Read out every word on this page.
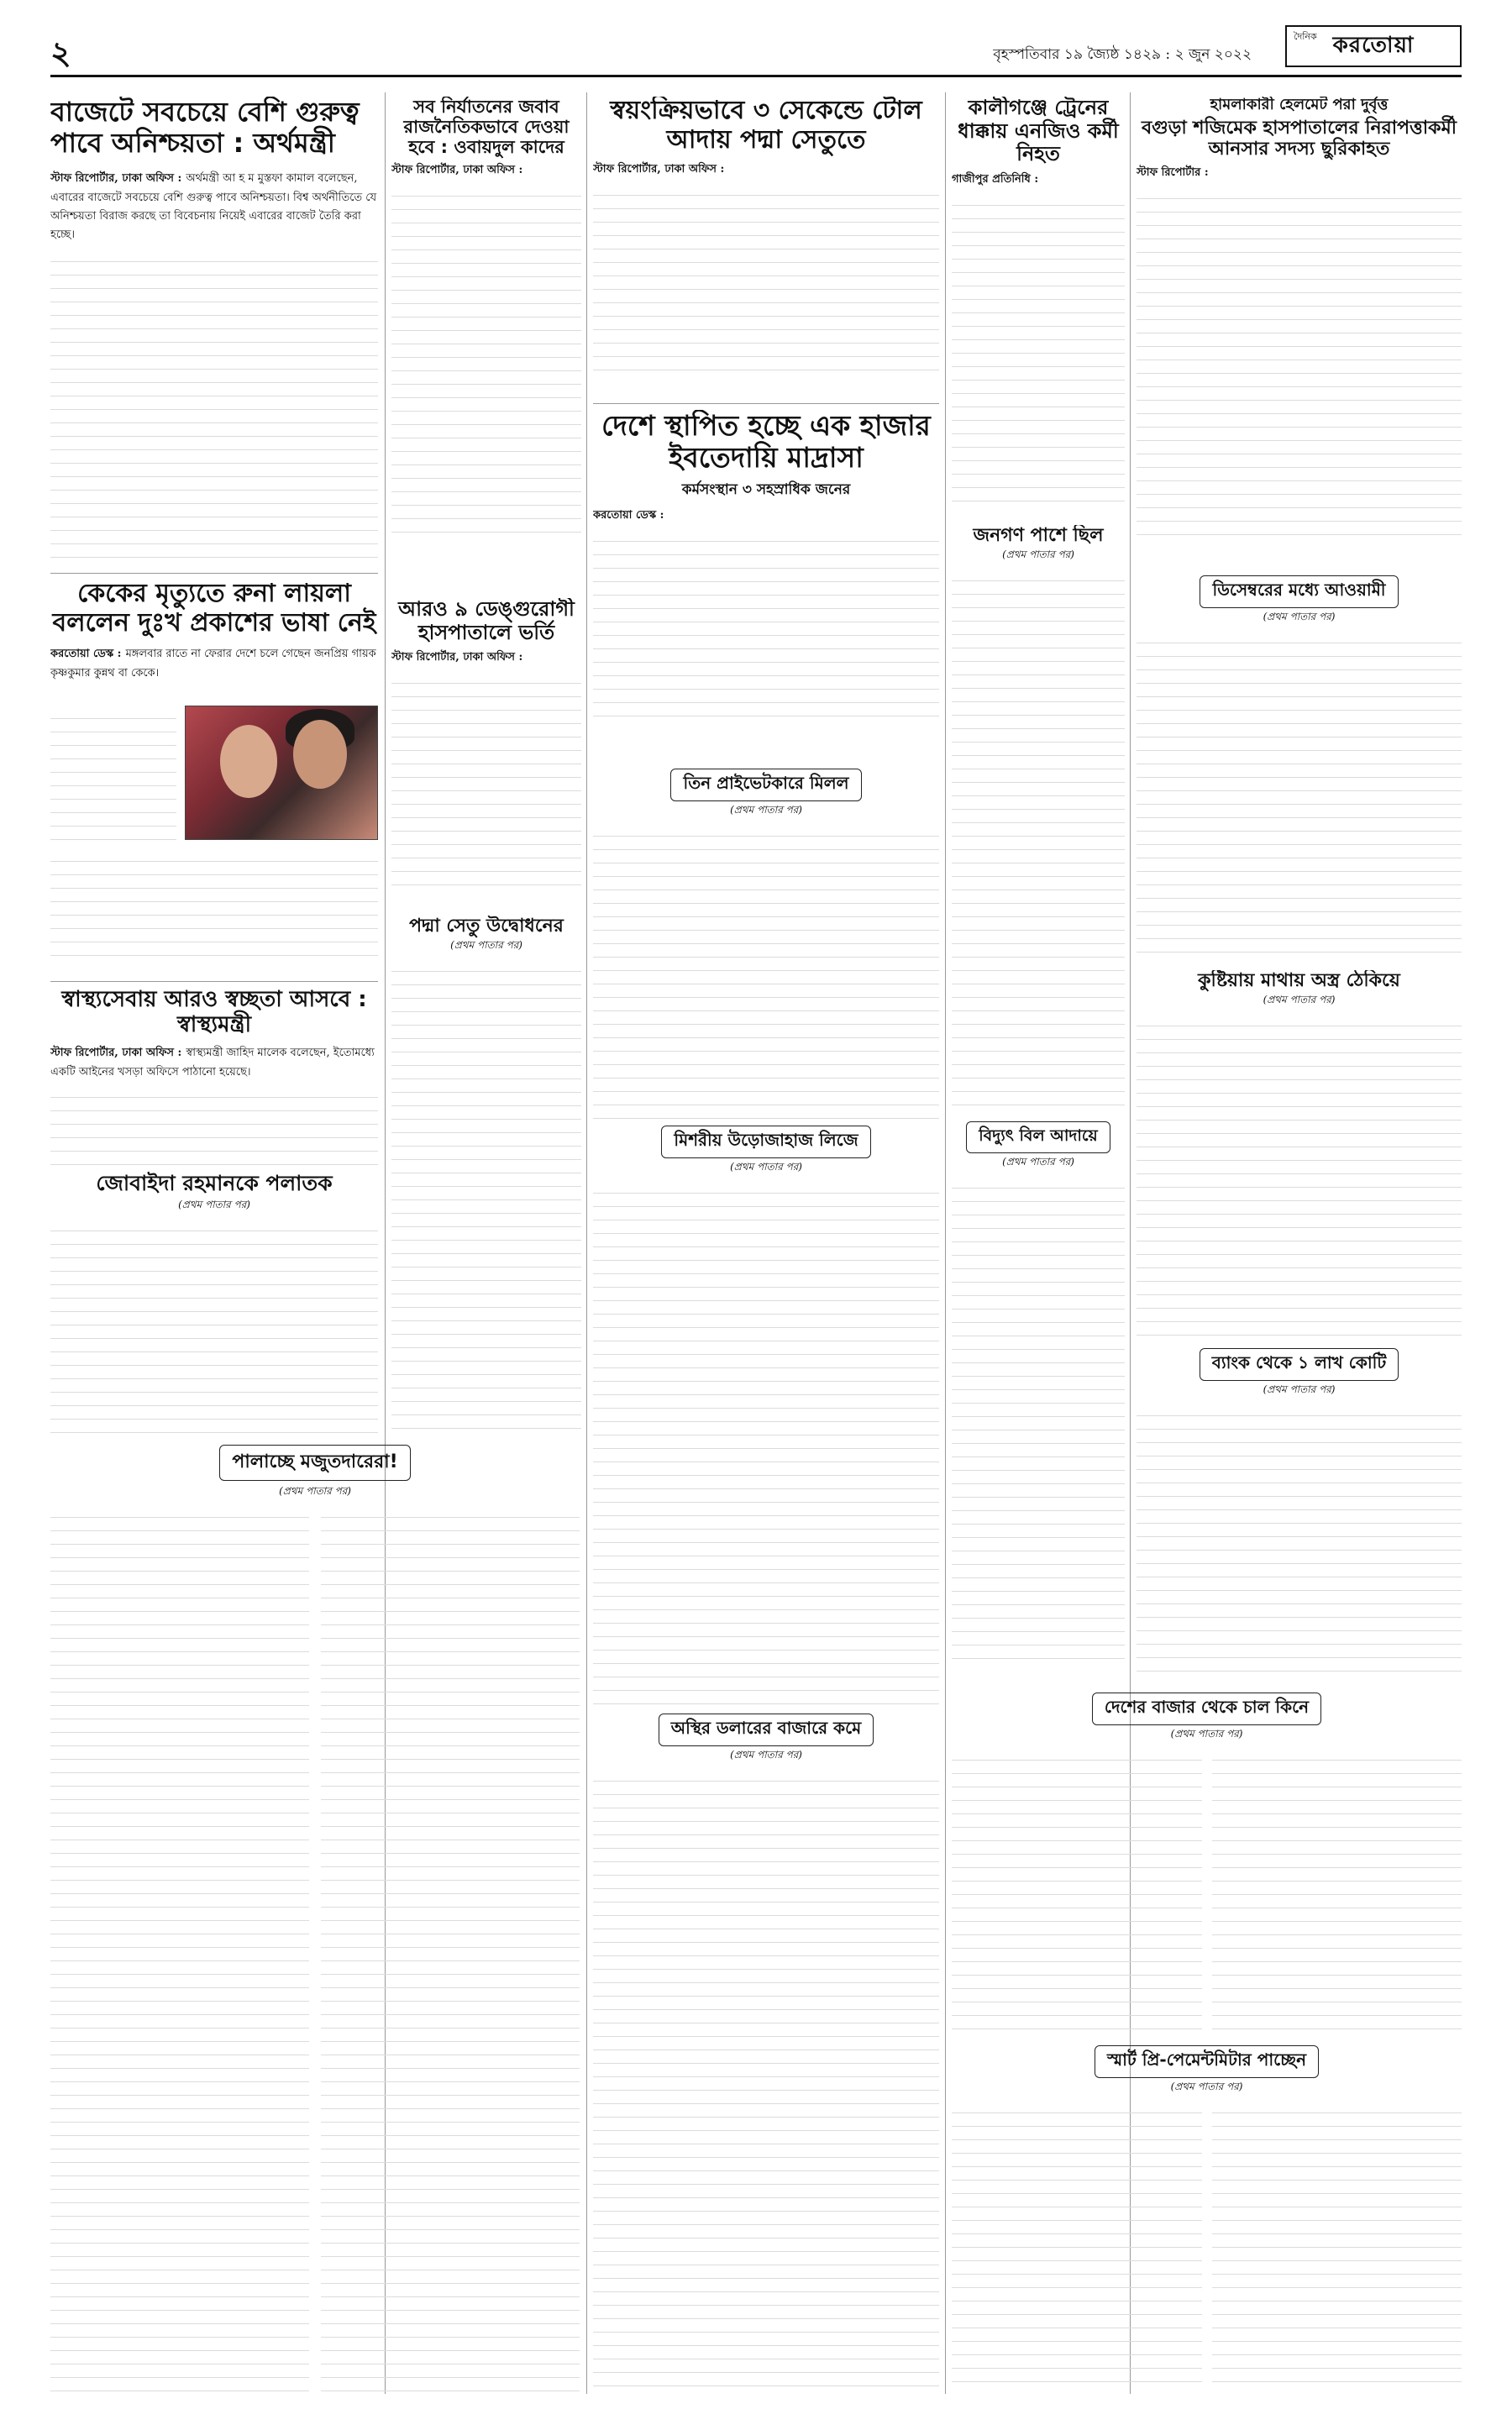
২	বৃহস্পতিবার ১৯ জ্যৈষ্ঠ ১৪২৯ : ২ জুন ২০২২
দৈনিক করতোয়া
বাজেটে সবচেয়ে বেশি গুরুত্ব পাবে অনিশ্চয়তা : অর্থমন্ত্রী
স্টাফ রিপোর্টার, ঢাকা অফিস : অর্থমন্ত্রী আ হ ম মুস্তফা কামাল বলেছেন, এবারের বাজেটে সবচেয়ে বেশি গুরুত্ব পাবে অনিশ্চয়তা। বিশ্ব অর্থনীতিতে যে অনিশ্চয়তা বিরাজ করছে তা বিবেচনায় নিয়েই এবারের বাজেট তৈরি করা হচ্ছে।
কেকের মৃত্যুতে রুনা লায়লা বললেন দুঃখ প্রকাশের ভাষা নেই
করতোয়া ডেস্ক : মঙ্গলবার রাতে না ফেরার দেশে চলে গেছেন জনপ্রিয় গায়ক কৃষ্ণকুমার কুন্নথ বা কেকে।
স্বাস্থ্যসেবায় আরও স্বচ্ছতা আসবে : স্বাস্থ্যমন্ত্রী
স্টাফ রিপোর্টার, ঢাকা অফিস : স্বাস্থ্যমন্ত্রী জাহিদ মালেক বলেছেন, ইতোমধ্যে একটি আইনের খসড়া অফিসে পাঠানো হয়েছে।
জোবাইদা রহমানকে পলাতক
(প্রথম পাতার পর)
পালাচ্ছে মজুতদারেরা!
(প্রথম পাতার পর)
সব নির্যাতনের জবাব রাজনৈতিকভাবে দেওয়া হবে : ওবায়দুল কাদের
স্টাফ রিপোর্টার, ঢাকা অফিস :
আরও ৯ ডেঙ্গুরোগী হাসপাতালে ভর্তি
স্টাফ রিপোর্টার, ঢাকা অফিস :
পদ্মা সেতু উদ্বোধনের
(প্রথম পাতার পর)
স্বয়ংক্রিয়ভাবে ৩ সেকেন্ডে টোল আদায় পদ্মা সেতুতে
স্টাফ রিপোর্টার, ঢাকা অফিস :
দেশে স্থাপিত হচ্ছে এক হাজার ইবতেদায়ি মাদ্রাসা
কর্মসংস্থান ৩ সহস্রাধিক জনের
করতোয়া ডেস্ক :
তিন প্রাইভেটকারে মিলল
(প্রথম পাতার পর)
মিশরীয় উড়োজাহাজ লিজে
(প্রথম পাতার পর)
অস্থির ডলারের বাজারে কমে
(প্রথম পাতার পর)
কালীগঞ্জে ট্রেনের ধাক্কায় এনজিও কর্মী নিহত
গাজীপুর প্রতিনিধি :
জনগণ পাশে ছিল
(প্রথম পাতার পর)
বিদ্যুৎ বিল আদায়ে
(প্রথম পাতার পর)
হামলাকারী হেলমেট পরা দুর্বৃত্ত
বগুড়া শজিমেক হাসপাতালের নিরাপত্তাকর্মী আনসার সদস্য ছুরিকাহত
স্টাফ রিপোর্টার :
ডিসেম্বরের মধ্যে আওয়ামী
(প্রথম পাতার পর)
কুষ্টিয়ায় মাথায় অস্ত্র ঠেকিয়ে
(প্রথম পাতার পর)
ব্যাংক থেকে ১ লাখ কোটি
(প্রথম পাতার পর)
দেশের বাজার থেকে চাল কিনে
(প্রথম পাতার পর)
স্মার্ট প্রি-পেমেন্টমিটার পাচ্ছেন
(প্রথম পাতার পর)
